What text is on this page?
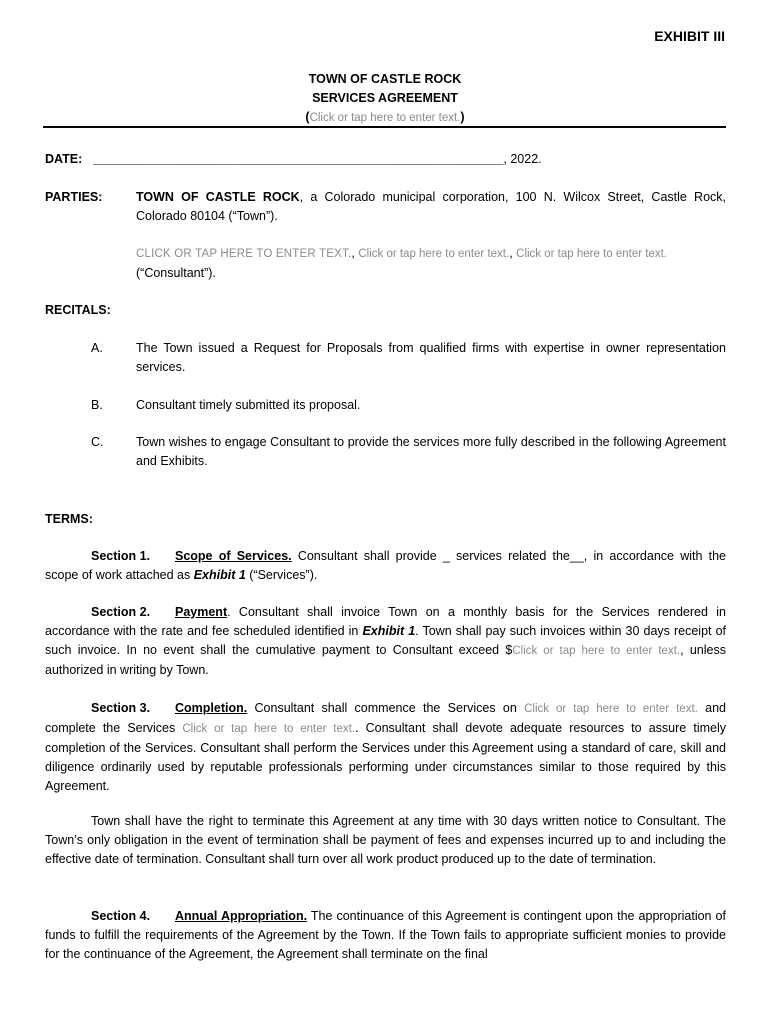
EXHIBIT III
TOWN OF CASTLE ROCK
SERVICES AGREEMENT
(Click or tap here to enter text.)
DATE: ___________________________________________________________, 2022.
PARTIES:	TOWN OF CASTLE ROCK, a Colorado municipal corporation, 100 N. Wilcox Street, Castle Rock, Colorado 80104 (“Town”).
CLICK OR TAP HERE TO ENTER TEXT., Click or tap here to enter text., Click or tap here to enter text.
(“Consultant”).
RECITALS:
A.	The Town issued a Request for Proposals from qualified firms with expertise in owner representation services.
B.	Consultant timely submitted its proposal.
C.	Town wishes to engage Consultant to provide the services more fully described in the following Agreement and Exhibits.
TERMS:
Section 1. Scope of Services. Consultant shall provide _ services related the__, in accordance with the scope of work attached as Exhibit 1 (“Services”).
Section 2. Payment. Consultant shall invoice Town on a monthly basis for the Services rendered in accordance with the rate and fee scheduled identified in Exhibit 1. Town shall pay such invoices within 30 days receipt of such invoice. In no event shall the cumulative payment to Consultant exceed $Click or tap here to enter text., unless authorized in writing by Town.
Section 3. Completion. Consultant shall commence the Services on Click or tap here to enter text. and complete the Services Click or tap here to enter text.. Consultant shall devote adequate resources to assure timely completion of the Services. Consultant shall perform the Services under this Agreement using a standard of care, skill and diligence ordinarily used by reputable professionals performing under circumstances similar to those required by this Agreement.
Town shall have the right to terminate this Agreement at any time with 30 days written notice to Consultant. The Town’s only obligation in the event of termination shall be payment of fees and expenses incurred up to and including the effective date of termination. Consultant shall turn over all work product produced up to the date of termination.
Section 4. Annual Appropriation. The continuance of this Agreement is contingent upon the appropriation of funds to fulfill the requirements of the Agreement by the Town. If the Town fails to appropriate sufficient monies to provide for the continuance of the Agreement, the Agreement shall terminate on the final
